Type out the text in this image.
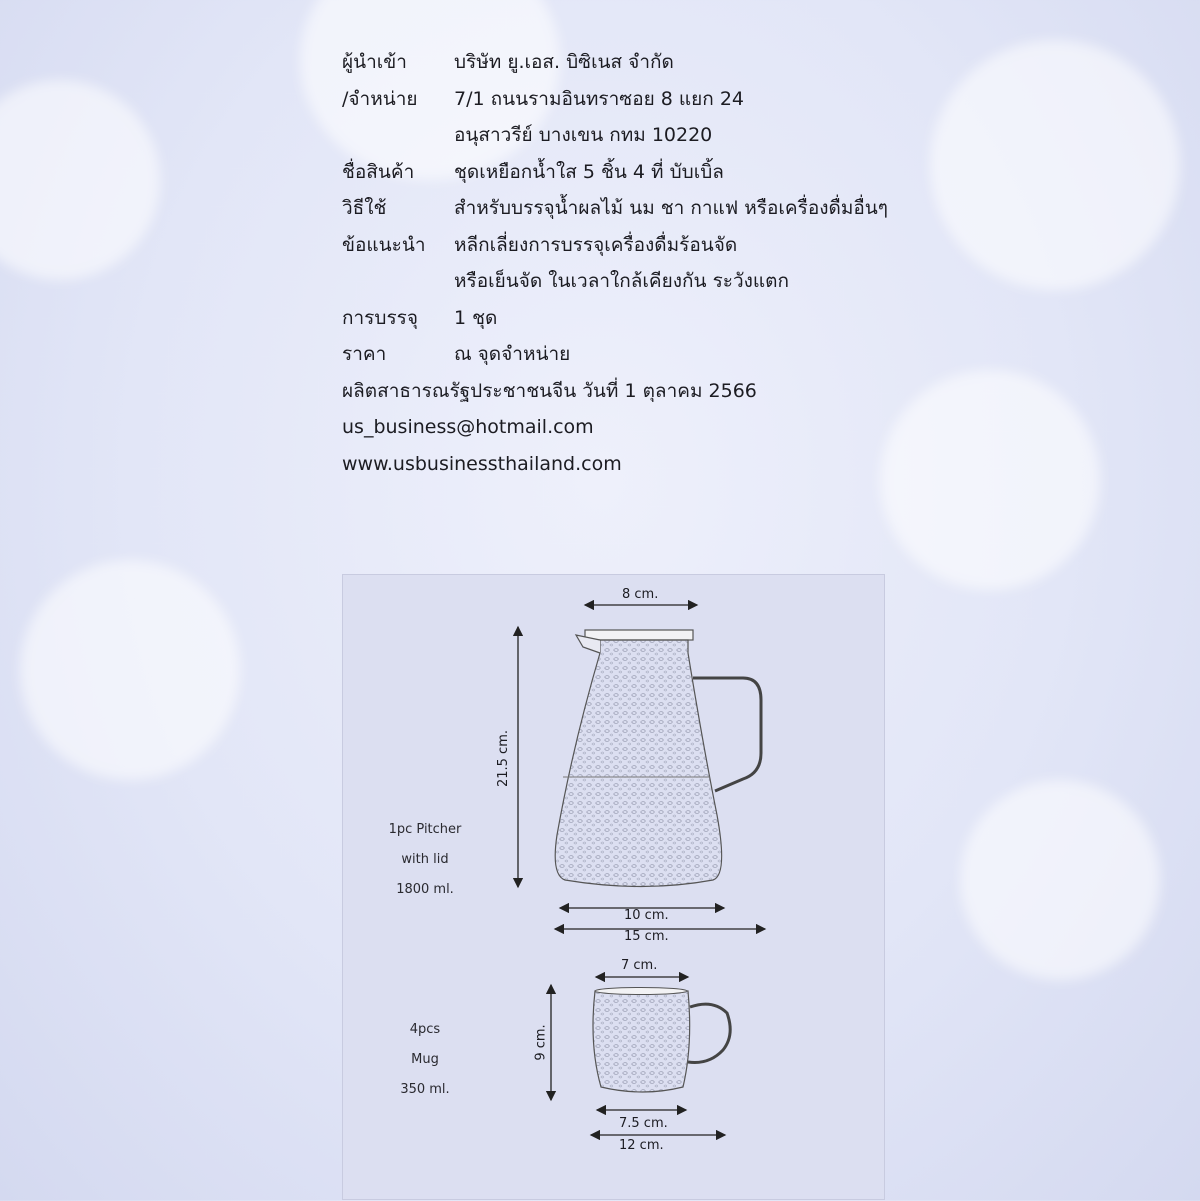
ผู้นำเข้า บริษัท ยู.เอส. บิซิเนส จำกัด
/จำหน่าย 7/1 ถนนรามอินทราซอย 8 แยก 24
อนุสาวรีย์ บางเขน กทม 10220
ชื่อสินค้า ชุดเหยือกน้ำใส 5 ชิ้น 4 ที่ บับเบิ้ล
วิธีใช้	สำหรับบรรจุน้ำผลไม้ นม ชา กาแฟ หรือเครื่องดื่มอื่นๆ
ข้อแนะนำ หลีกเลี่ยงการบรรจุเครื่องดื่มร้อนจัด
หรือเย็นจัด ในเวลาใกล้เคียงกัน ระวังแตก
การบรรจุ 1 ชุด
ราคา	ณ จุดจำหน่าย
ผลิตสาธารณรัฐประชาชนจีน วันที่ 1 ตุลาคม 2566
us_business@hotmail.com
www.usbusinessthailand.com
1pc Pitcher
with lid
1800 ml.
8 cm.
21.5 cm.
10 cm.
15 cm.
4pcs
Mug
350 ml.
7 cm.
9 cm.
7.5 cm.
12 cm.
